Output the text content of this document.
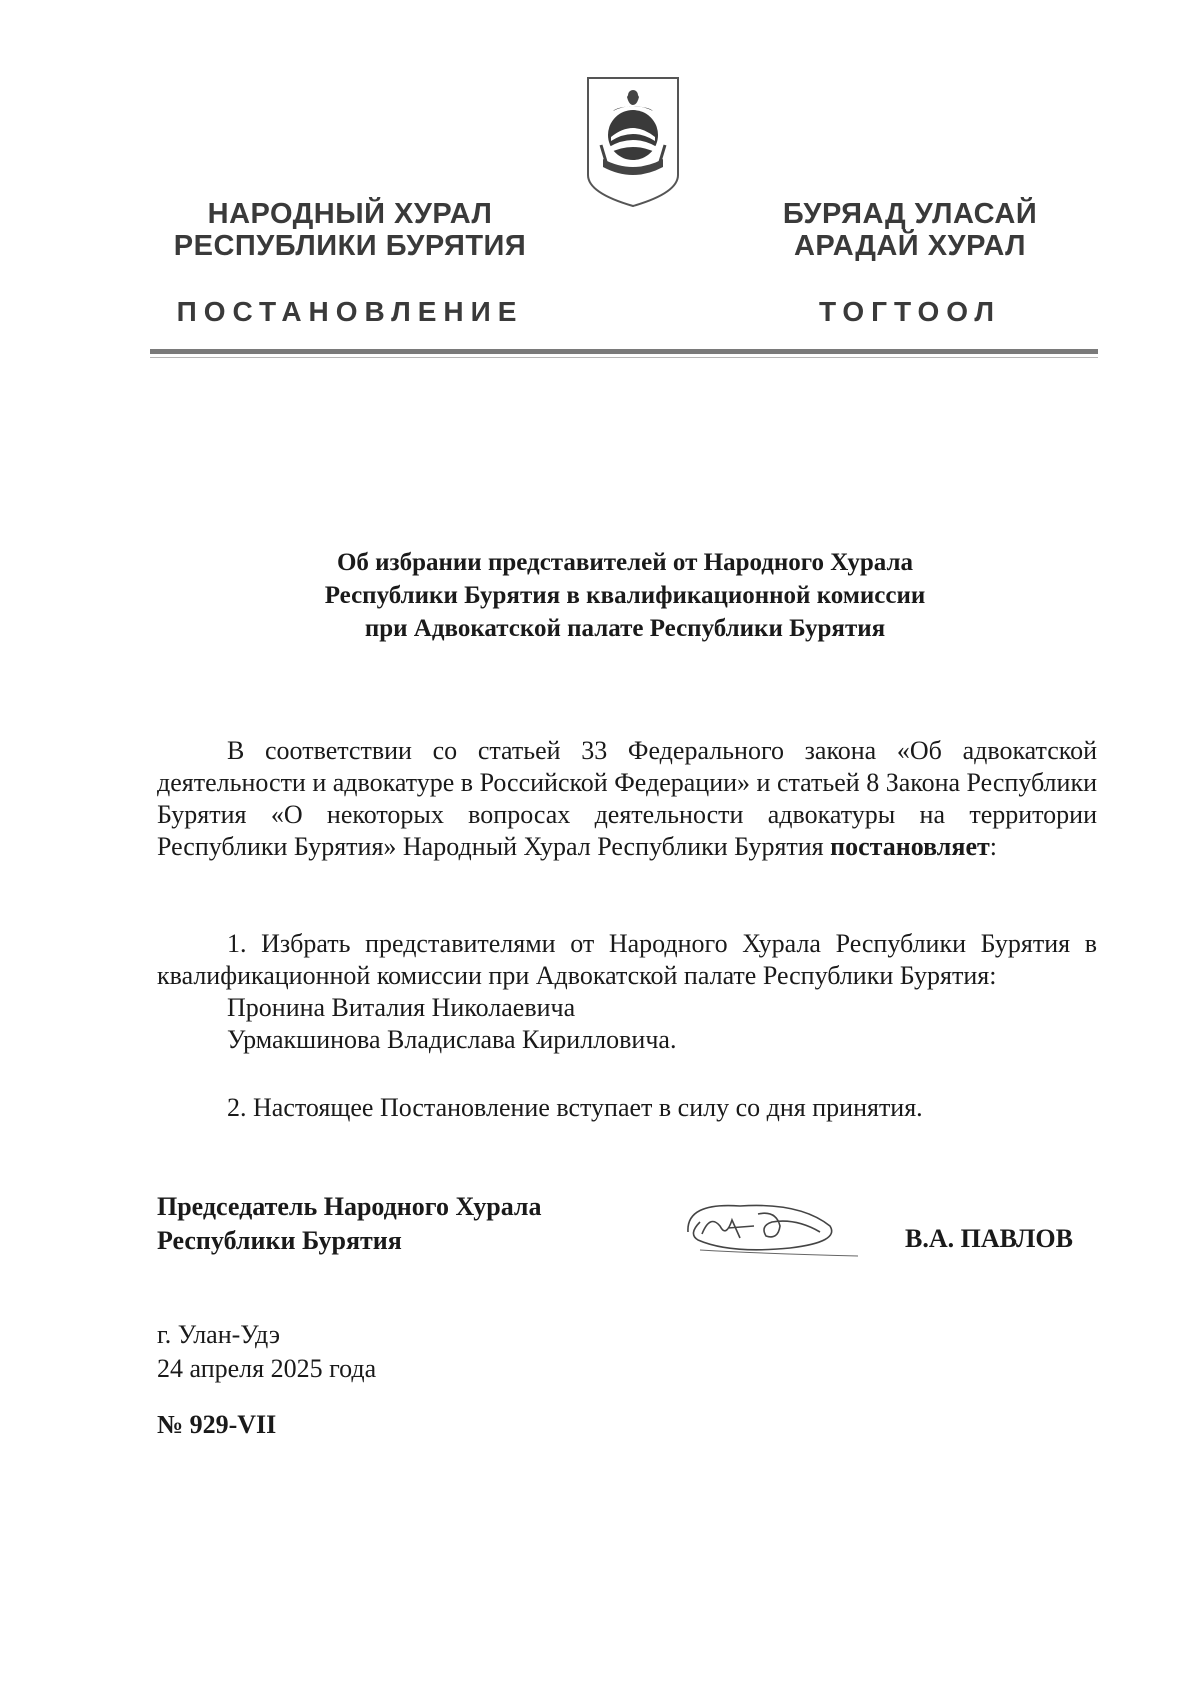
НАРОДНЫЙ ХУРАЛ
РЕСПУБЛИКИ БУРЯТИЯ
БУРЯАД УЛАСАЙ
АРАДАЙ ХУРАЛ
ПОСТАНОВЛЕНИЕ	ТОГТООЛ
Об избрании представителей от Народного Хурала
Республики Бурятия в квалификационной комиссии
при Адвокатской палате Республики Бурятия
В соответствии со статьей 33 Федерального закона «Об адвокатской деятельности и адвокатуре в Российской Федерации» и статьей 8 Закона Республики Бурятия «О некоторых вопросах деятельности адвокатуры на территории Республики Бурятия» Народный Хурал Республики Бурятия постановляет:
1. Избрать представителями от Народного Хурала Республики Бурятия в квалификационной комиссии при Адвокатской палате Республики Бурятия:
Пронина Виталия Николаевича
Урмакшинова Владислава Кирилловича.
2. Настоящее Постановление вступает в силу со дня принятия.
Председатель Народного Хурала
Республики Бурятия	В.А. ПАВЛОВ
г. Улан-Удэ
24 апреля 2025 года
№ 929-VII
